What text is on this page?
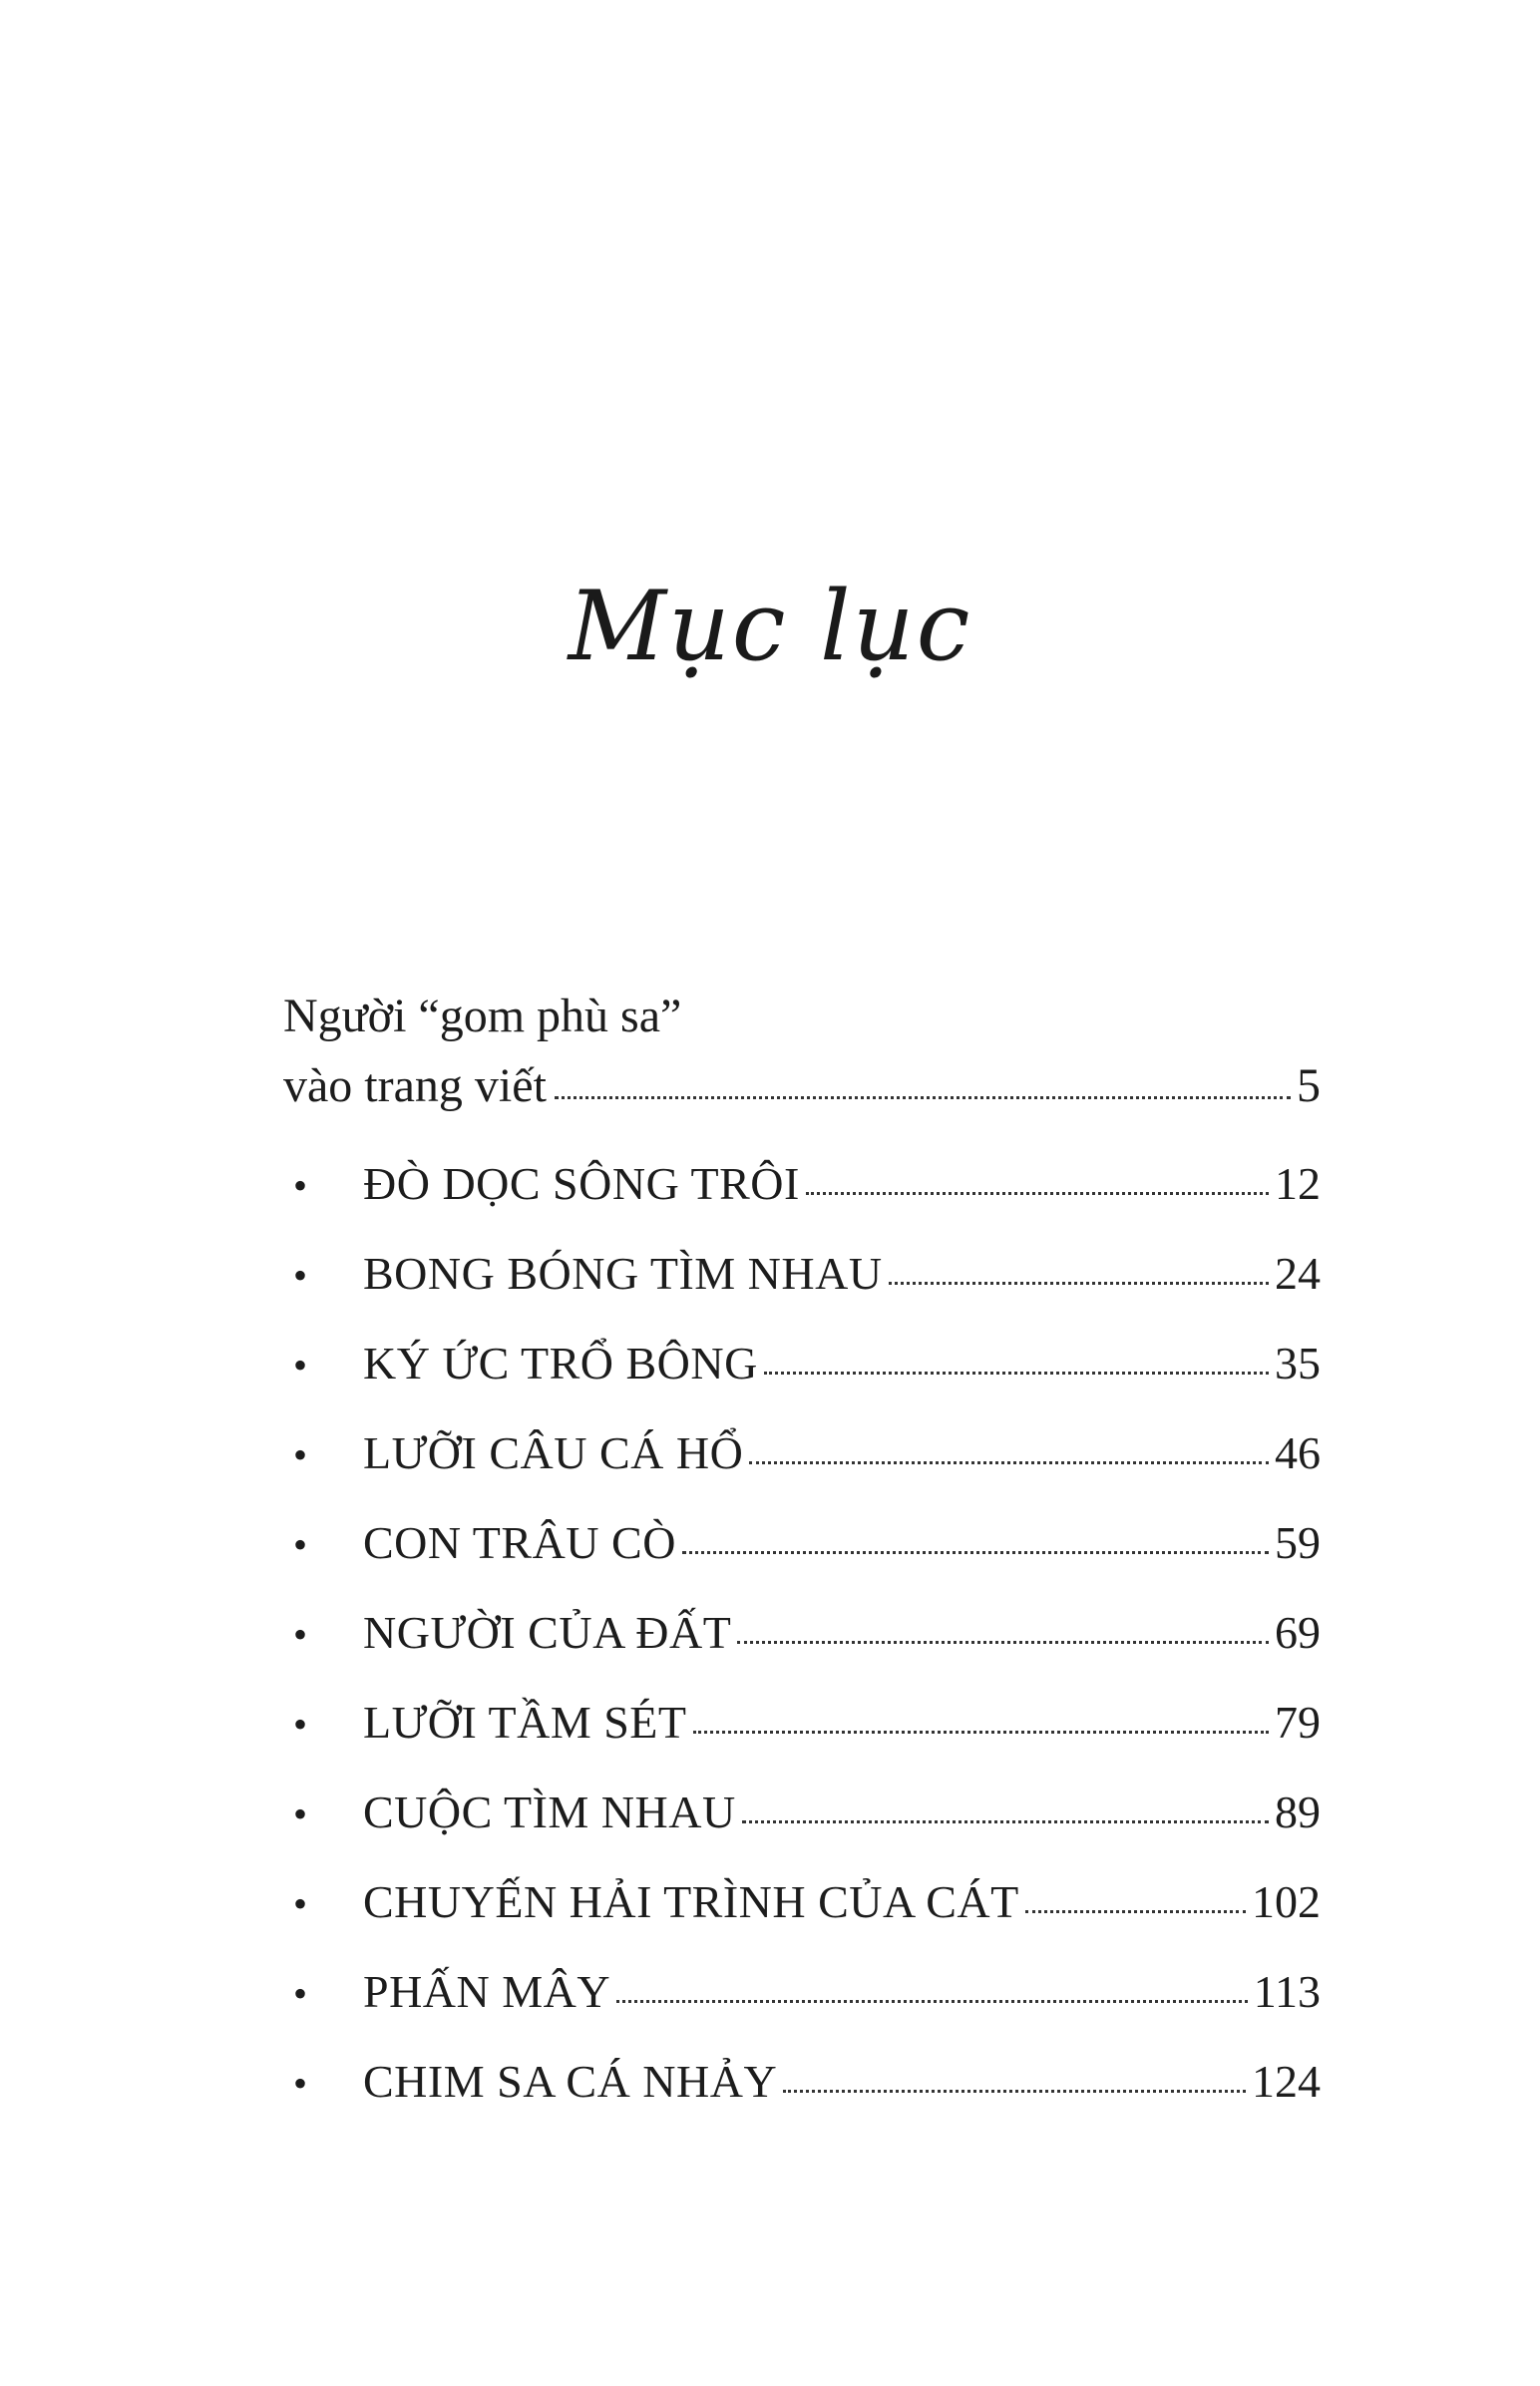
Mục lục
Người “gom phù sa”
vào trang viết	5
•	ĐÒ DỌC SÔNG TRÔI	12
•	BONG BÓNG TÌM NHAU	24
•	KÝ ỨC TRỔ BÔNG	35
•	LƯỠI CÂU CÁ HỔ	46
•	CON TRÂU CÒ	59
•	NGƯỜI CỦA ĐẤT	69
•	LƯỠI TẦM SÉT	79
•	CUỘC TÌM NHAU	89
•	CHUYẾN HẢI TRÌNH CỦA CÁT	102
•	PHẤN MÂY	113
•	CHIM SA CÁ NHẢY	124
